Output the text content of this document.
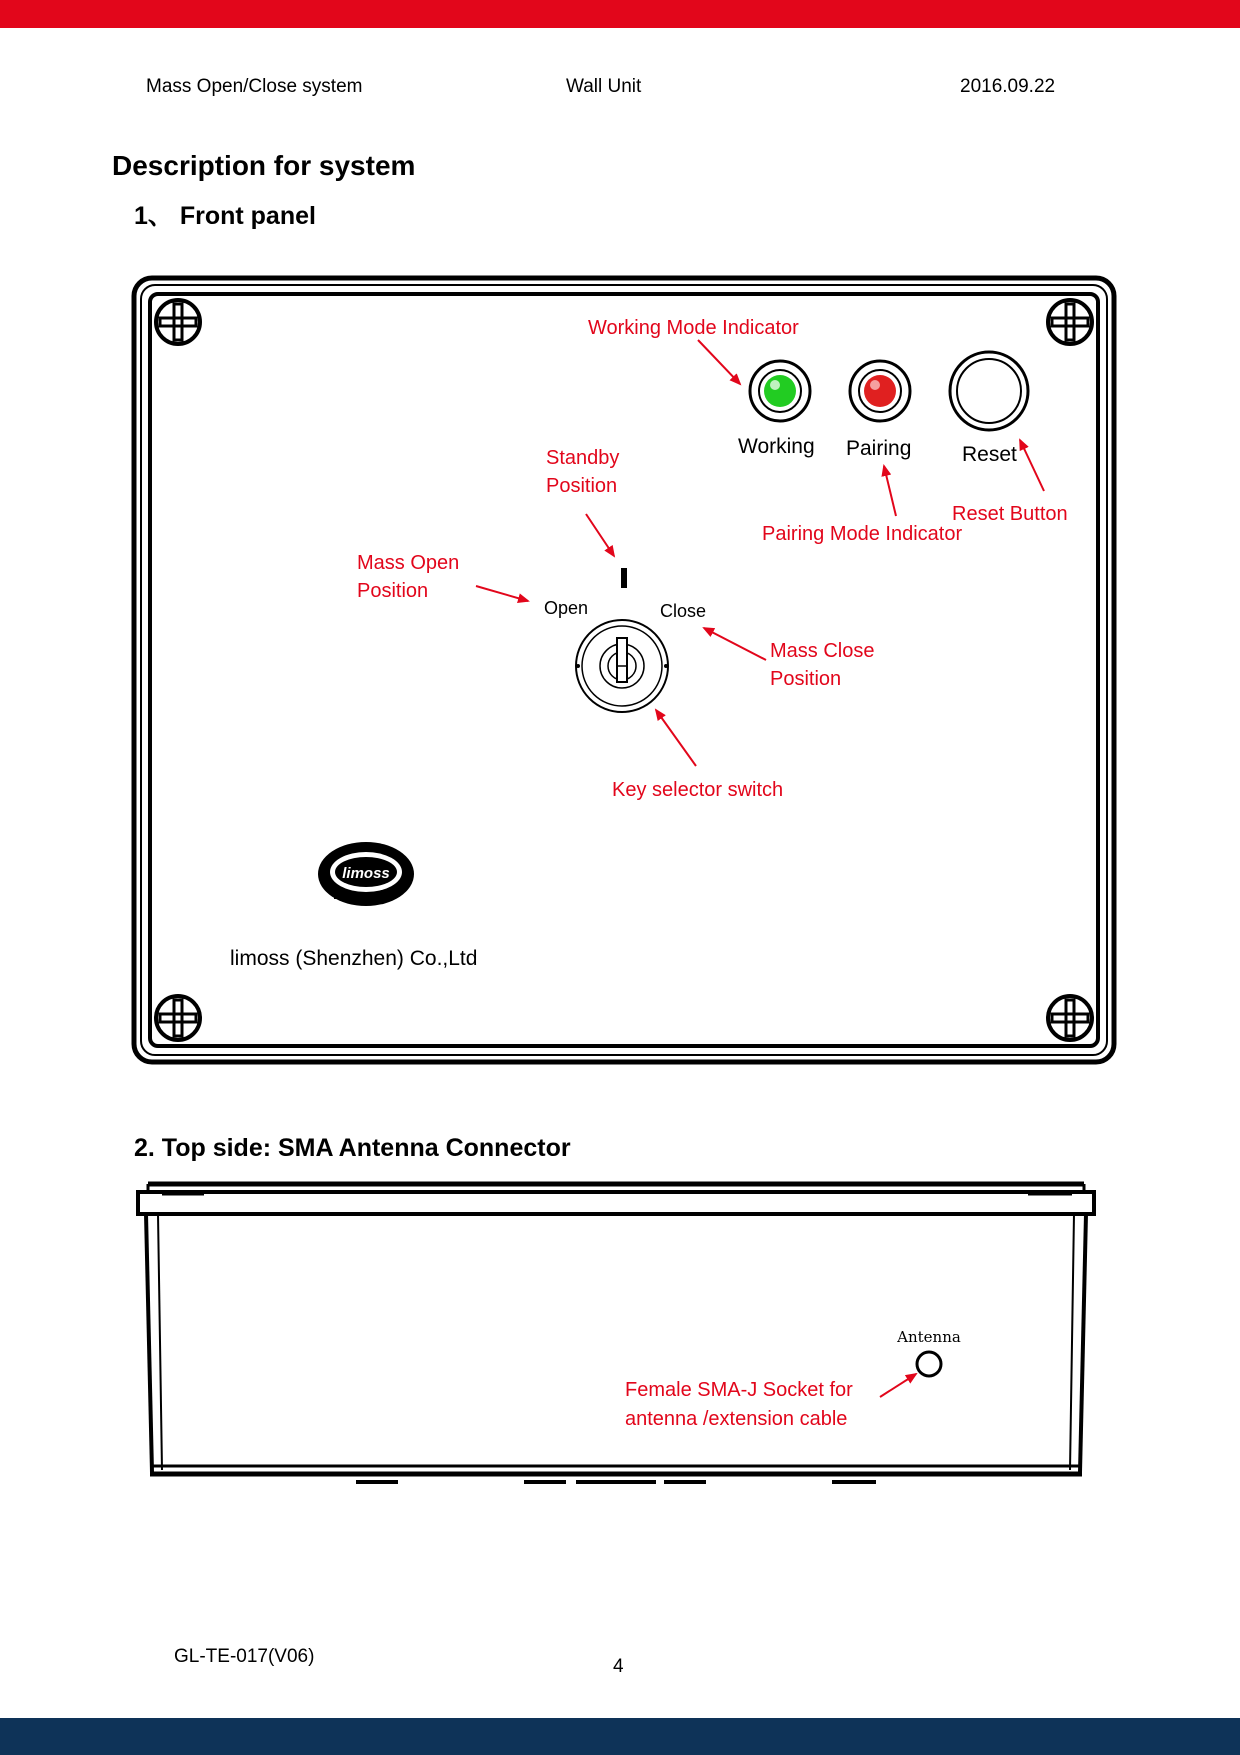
Mass Open/Close system	Wall Unit	2016.09.22
Description for system
1、 Front panel
Working Pairing Reset
Open	Close
limoss
limoss (Shenzhen) Co.,Ltd
Working Mode Indicator
Standby
Position
Reset Button
Pairing Mode Indicator
Mass Open
Position
Mass Close
Position
Key selector switch
2. Top side: SMA Antenna Connector
Antenna
Female SMA-J Socket for
antenna /extension cable
GL-TE-017(V06)	4
